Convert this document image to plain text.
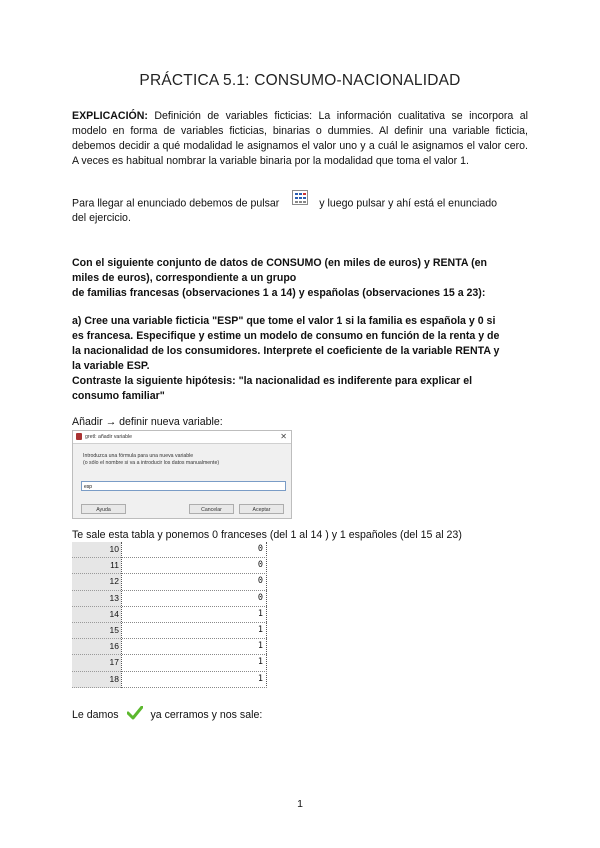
PRÁCTICA 5.1: CONSUMO-NACIONALIDAD
EXPLICACIÓN: Definición de variables ficticias: La información cualitativa se incorpora al modelo en forma de variables ficticias, binarias o dummies. Al definir una variable ficticia, debemos decidir a qué modalidad le asignamos el valor uno y a cuál le asignamos el valor cero. A veces es habitual nombrar la variable binaria por la modalidad que toma el valor 1.
Para llegar al enunciado debemos de pulsar	y luego pulsar y ahí está el enunciado
del ejercicio.
Con el siguiente conjunto de datos de CONSUMO (en miles de euros) y RENTA (en
miles de euros), correspondiente a un grupo
de familias francesas (observaciones 1 a 14) y españolas (observaciones 15 a 23):
a) Cree una variable ficticia "ESP" que tome el valor 1 si la familia es española y 0 si
es francesa. Especifique y estime un modelo de consumo en función de la renta y de
la nacionalidad de los consumidores. Interprete el coeficiente de la variable RENTA y
la variable ESP.
Contraste la siguiente hipótesis: "la nacionalidad es indiferente para explicar el
consumo familiar"
Añadir → definir nueva variable:
gretl: añadir variable	✕
Introduzca una fórmula para una nueva variable
(o sólo el nombre si va a introducir los datos manualmente)
esp
Ayuda	Cancelar	Aceptar
Te sale esta tabla y ponemos 0 franceses (del 1 al 14 ) y 1 españoles (del 15 al 23)
10	0
11	0
12	0
13	0
14	1
15	1
16	1
17	1
18	1
Le damos	ya cerramos y nos sale:
1
